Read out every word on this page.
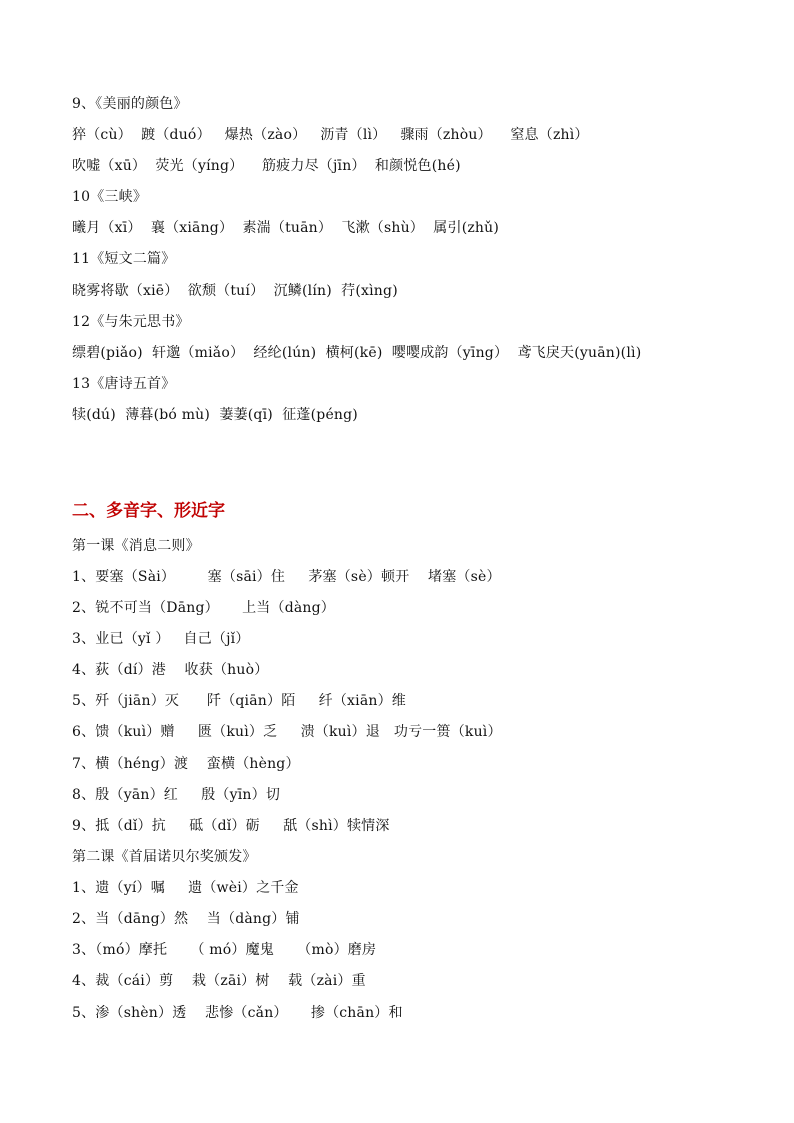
9、《美丽的颜色》
猝（cù）  踱（duó）   爆热（zào）   沥青（lì）   骤雨（zhòu）    窒息（zhì）
吹嘘（xū）  荧光（yíng）    筋疲力尽（jīn）  和颜悦色(hé)
10《三峡》
曦月（xī）  襄（xiāng）  素湍（tuān）  飞漱（shù）  属引(zhǔ)
11《短文二篇》
晓雾将歇（xiē）  欲颓（tuí）  沉鳞(lín)  荇(xìng)
12《与朱元思书》
缥碧(piǎo)  轩邈（miǎo）  经纶(lún)  横柯(kē)  嘤嘤成韵（yīng）  鸢飞戾天(yuān)(lì)
13《唐诗五首》
犊(dú)  薄暮(bó mù)  萋萋(qī)  征蓬(péng)
二、多音字、形近字
第一课《消息二则》
1、要塞（Sài）       塞（sāi）住     茅塞（sè）顿开    堵塞（sè）
2、锐不可当（Dāng）     上当（dàng）
3、业已（yǐ ）   自己（jǐ）
4、荻（dí）港    收获（huò）
5、歼（jiān）灭      阡（qiān）陌     纤（xiān）维
6、馈（kuì）赠     匮（kuì）乏     溃（kuì）退   功亏一篑（kuì）
7、横（héng）渡    蛮横（hèng）
8、殷（yān）红     殷（yīn）切
9、抵（dǐ）抗     砥（dǐ）砺     舐（shì）犊情深
第二课《首届诺贝尔奖颁发》
1、遗（yí）嘱     遗（wèi）之千金
2、当（dāng）然    当（dàng）铺
3、（mó）摩托     （ mó）魔鬼     （mò）磨房
4、裁（cái）剪    栽（zāi）树    载（zài）重
5、渗（shèn）透    悲惨（cǎn）     掺（chān）和
